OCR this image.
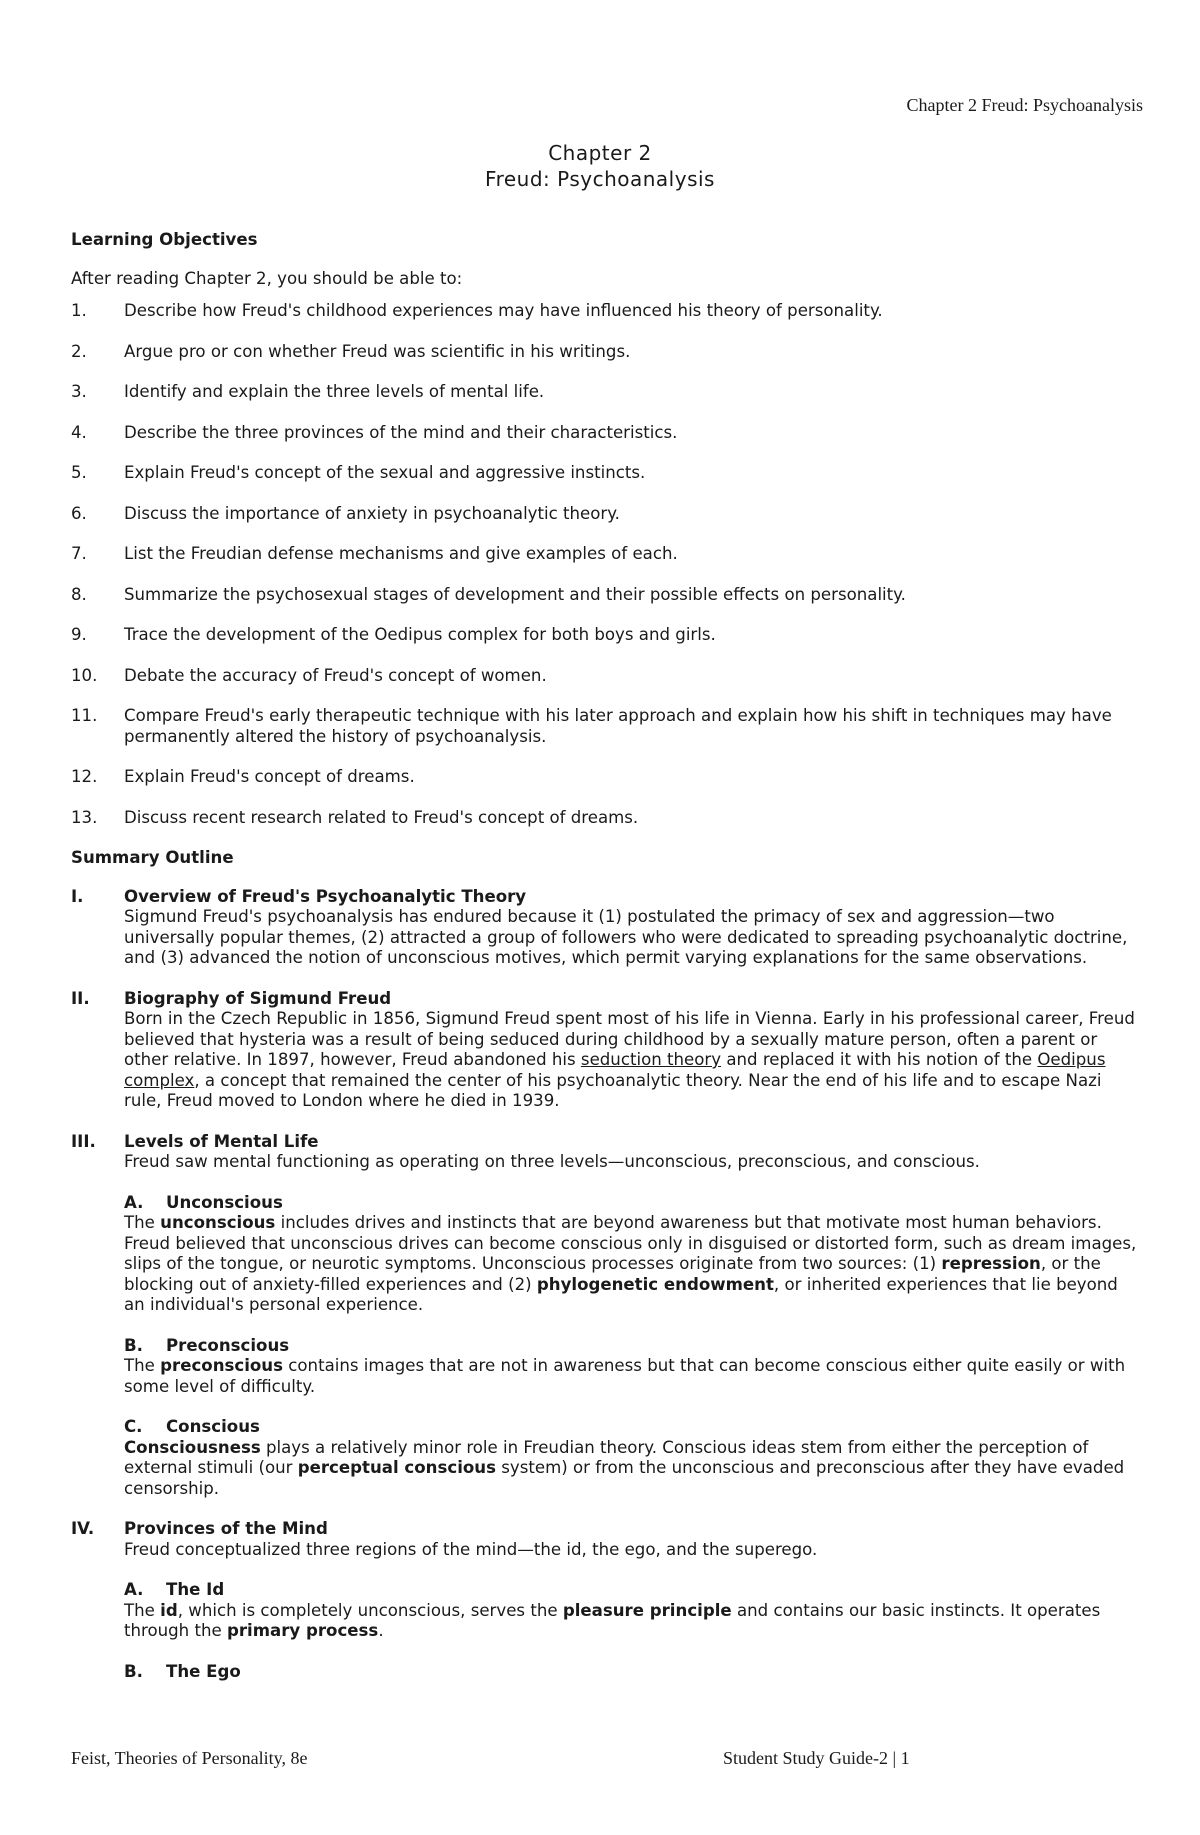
Chapter 2 Freud: Psychoanalysis
Chapter 2
Freud: Psychoanalysis
Learning Objectives
After reading Chapter 2, you should be able to:
1.	Describe how Freud's childhood experiences may have influenced his theory of personality.
2.	Argue pro or con whether Freud was scientific in his writings.
3.	Identify and explain the three levels of mental life.
4.	Describe the three provinces of the mind and their characteristics.
5.	Explain Freud's concept of the sexual and aggressive instincts.
6.	Discuss the importance of anxiety in psychoanalytic theory.
7.	List the Freudian defense mechanisms and give examples of each.
8.	Summarize the psychosexual stages of development and their possible effects on personality.
9.	Trace the development of the Oedipus complex for both boys and girls.
10.	Debate the accuracy of Freud's concept of women.
11.	Compare Freud's early therapeutic technique with his later approach and explain how his shift in techniques may have permanently altered the history of psychoanalysis.
12.	Explain Freud's concept of dreams.
13.	Discuss recent research related to Freud's concept of dreams.
Summary Outline
I.	Overview of Freud's Psychoanalytic Theory
Sigmund Freud's psychoanalysis has endured because it (1) postulated the primacy of sex and aggression—two universally popular themes, (2) attracted a group of followers who were dedicated to spreading psychoanalytic doctrine, and (3) advanced the notion of unconscious motives, which permit varying explanations for the same observations.
II.	Biography of Sigmund Freud
Born in the Czech Republic in 1856, Sigmund Freud spent most of his life in Vienna. Early in his professional career, Freud believed that hysteria was a result of being seduced during childhood by a sexually mature person, often a parent or other relative. In 1897, however, Freud abandoned his seduction theory and replaced it with his notion of the Oedipus complex, a concept that remained the center of his psychoanalytic theory. Near the end of his life and to escape Nazi rule, Freud moved to London where he died in 1939.
III.	Levels of Mental Life
Freud saw mental functioning as operating on three levels—unconscious, preconscious, and conscious.
A. Unconscious
The unconscious includes drives and instincts that are beyond awareness but that motivate most human behaviors. Freud believed that unconscious drives can become conscious only in disguised or distorted form, such as dream images, slips of the tongue, or neurotic symptoms. Unconscious processes originate from two sources: (1) repression, or the blocking out of anxiety-filled experiences and (2) phylogenetic endowment, or inherited experiences that lie beyond an individual's personal experience.
B. Preconscious
The preconscious contains images that are not in awareness but that can become conscious either quite easily or with some level of difficulty.
C. Conscious
Consciousness plays a relatively minor role in Freudian theory. Conscious ideas stem from either the perception of external stimuli (our perceptual conscious system) or from the unconscious and preconscious after they have evaded censorship.
IV.	Provinces of the Mind
Freud conceptualized three regions of the mind—the id, the ego, and the superego.
A. The Id
The id, which is completely unconscious, serves the pleasure principle and contains our basic instincts. It operates through the primary process.
B. The Ego
Feist, Theories of Personality, 8e	Student Study Guide-2 | 1
